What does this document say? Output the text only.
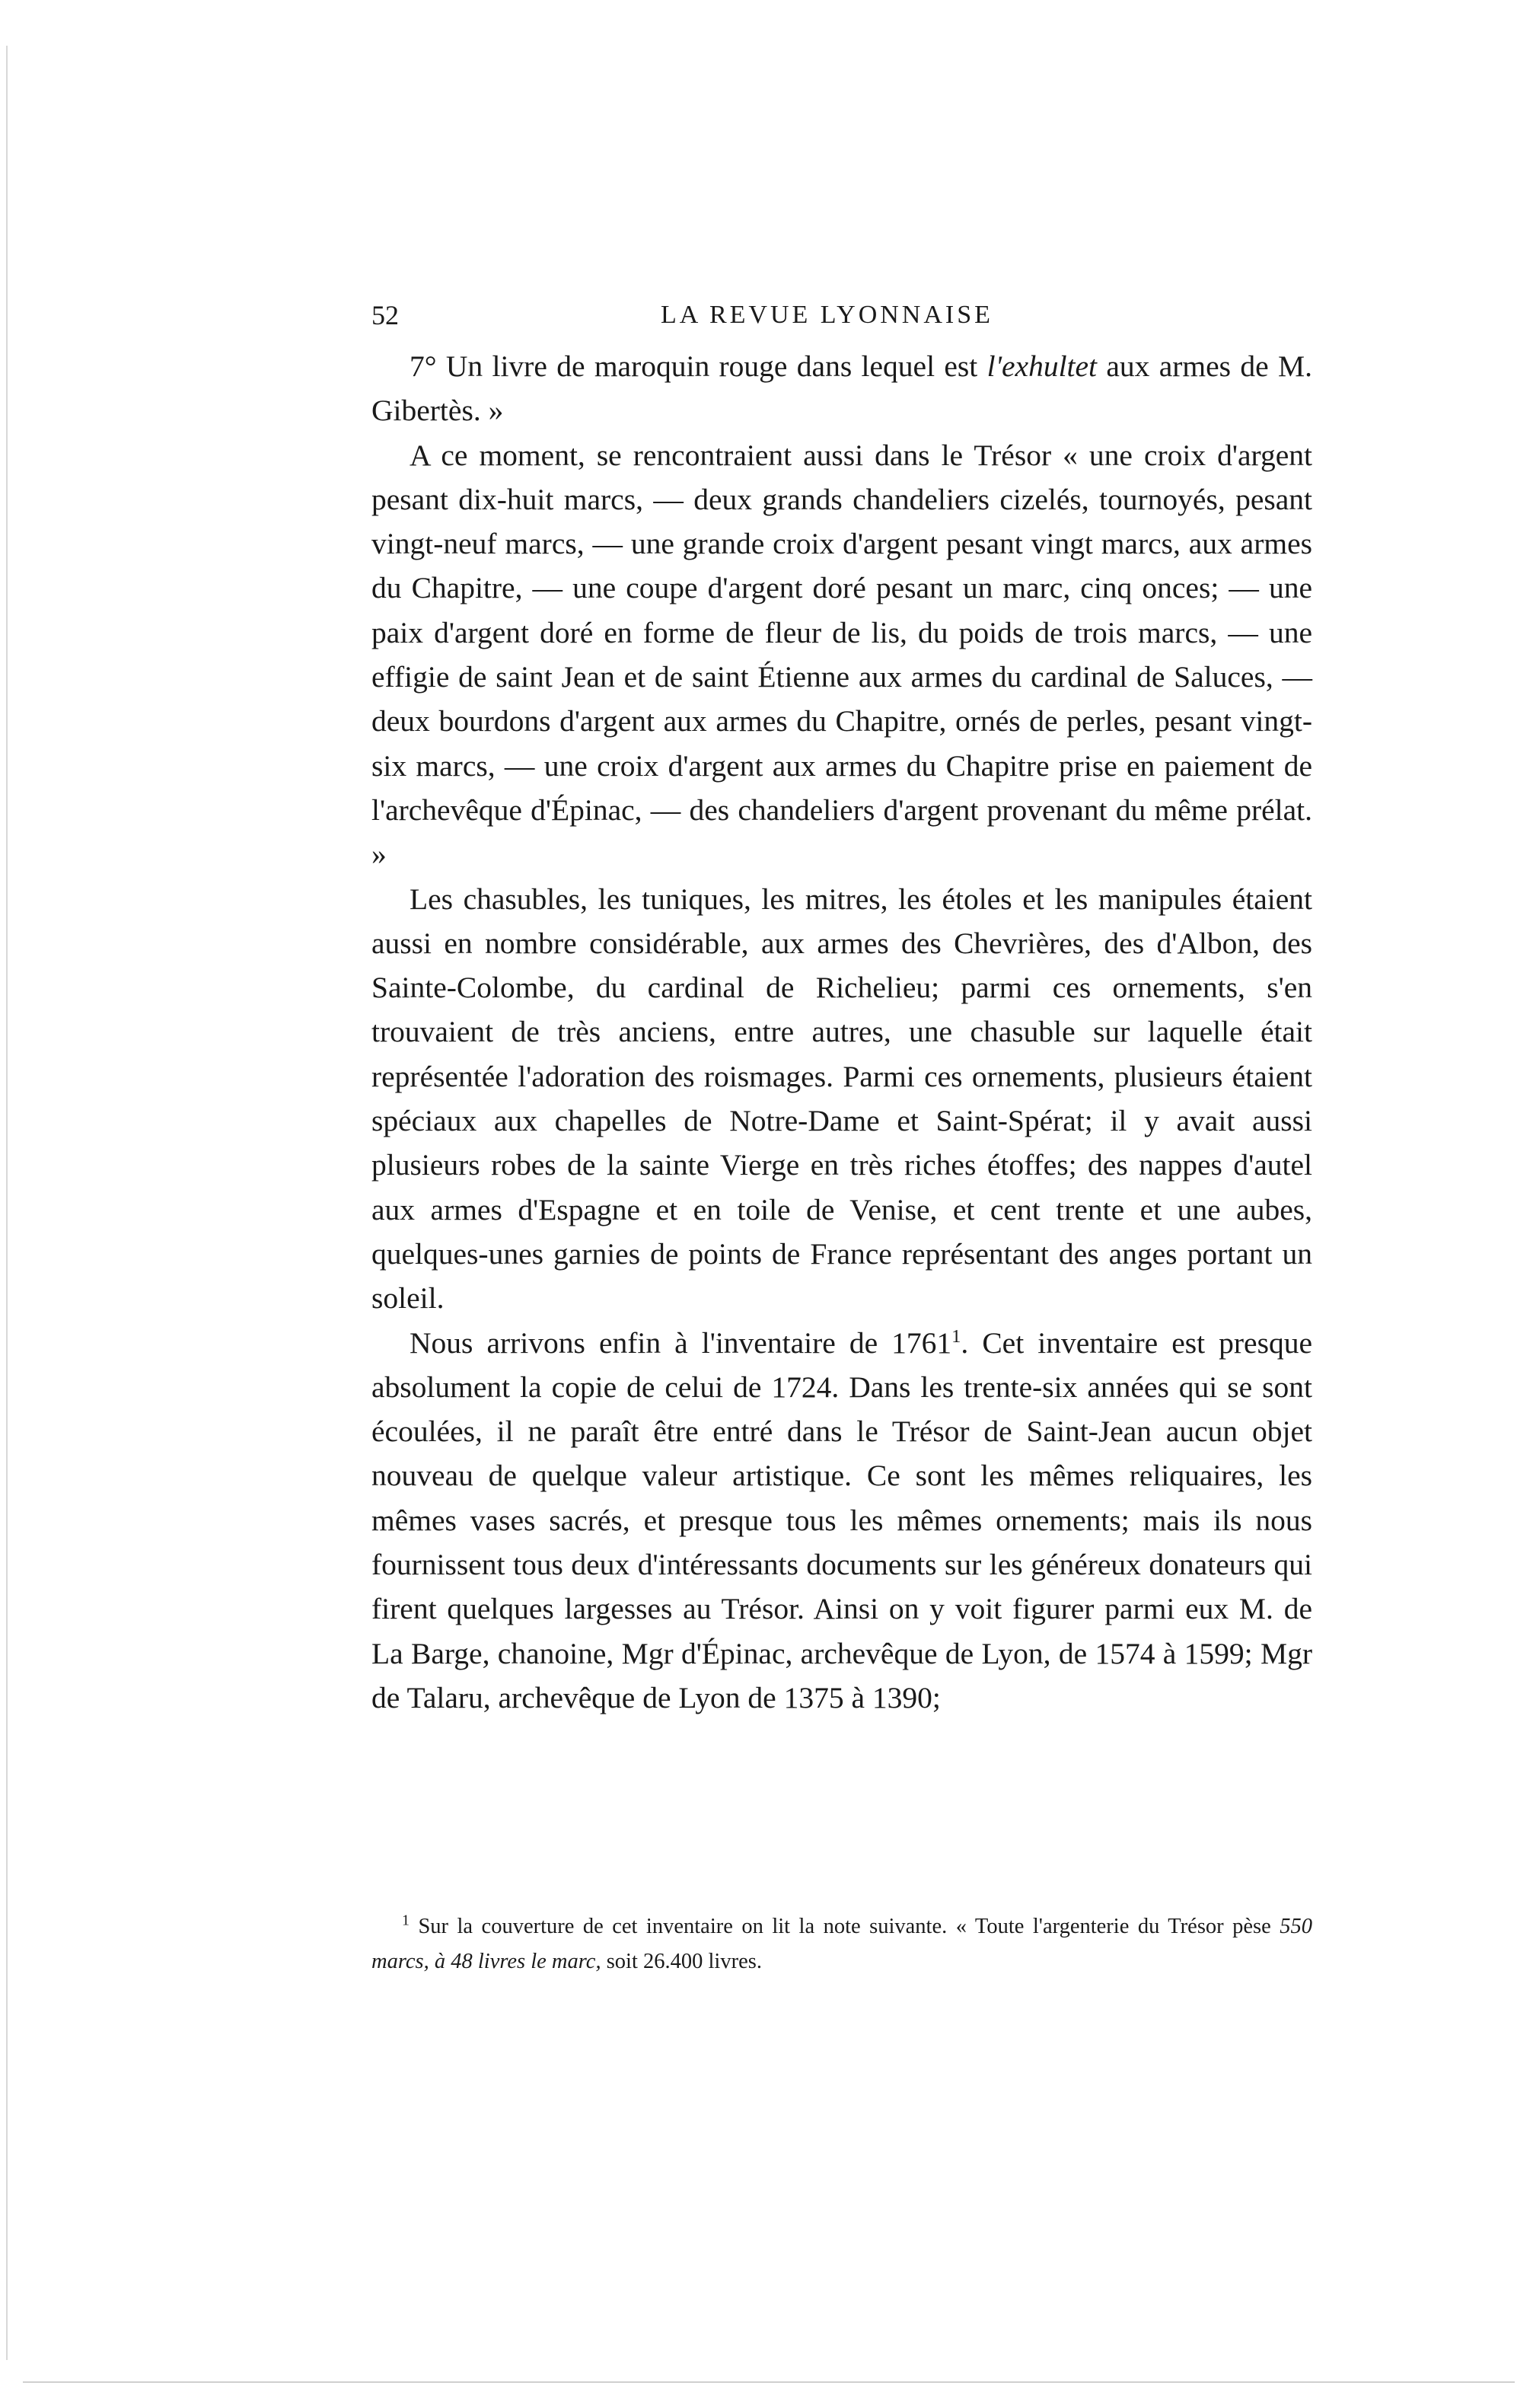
52	LA REVUE LYONNAISE

7° Un livre de maroquin rouge dans lequel est l'exhultet aux armes de M. Gibertès. »

A ce moment, se rencontraient aussi dans le Trésor « une croix d'argent pesant dix-huit marcs, — deux grands chandeliers cizelés, tournoyés, pesant vingt-neuf marcs, — une grande croix d'argent pesant vingt marcs, aux armes du Chapitre, — une coupe d'argent doré pesant un marc, cinq onces; — une paix d'argent doré en forme de fleur de lis, du poids de trois marcs, — une effigie de saint Jean et de saint Étienne aux armes du cardinal de Saluces, — deux bourdons d'argent aux armes du Chapitre, ornés de perles, pesant vingt-six marcs, — une croix d'argent aux armes du Chapitre prise en paiement de l'archevêque d'Épinac, — des chandeliers d'argent provenant du même prélat. »

Les chasubles, les tuniques, les mitres, les étoles et les manipules étaient aussi en nombre considérable, aux armes des Chevrières, des d'Albon, des Sainte-Colombe, du cardinal de Richelieu; parmi ces ornements, s'en trouvaient de très anciens, entre autres, une chasuble sur laquelle était représentée l'adoration des roismages. Parmi ces ornements, plusieurs étaient spéciaux aux chapelles de Notre-Dame et Saint-Spérat; il y avait aussi plusieurs robes de la sainte Vierge en très riches étoffes; des nappes d'autel aux armes d'Espagne et en toile de Venise, et cent trente et une aubes, quelques-unes garnies de points de France représentant des anges portant un soleil.

Nous arrivons enfin à l'inventaire de 1761$^1$. Cet inventaire est presque absolument la copie de celui de 1724. Dans les trente-six années qui se sont écoulées, il ne paraît être entré dans le Trésor de Saint-Jean aucun objet nouveau de quelque valeur artistique. Ce sont les mêmes reliquaires, les mêmes vases sacrés, et presque tous les mêmes ornements; mais ils nous fournissent tous deux d'intéressants documents sur les généreux donateurs qui firent quelques largesses au Trésor. Ainsi on y voit figurer parmi eux M. de La Barge, chanoine, Mgr d'Épinac, archevêque de Lyon, de 1574 à 1599; Mgr de Talaru, archevêque de Lyon de 1375 à 1390;

$^1$ Sur la couverture de cet inventaire on lit la note suivante. « Toute l'argenterie du Trésor pèse 550 marcs, à 48 livres le marc, soit 26.400 livres.
